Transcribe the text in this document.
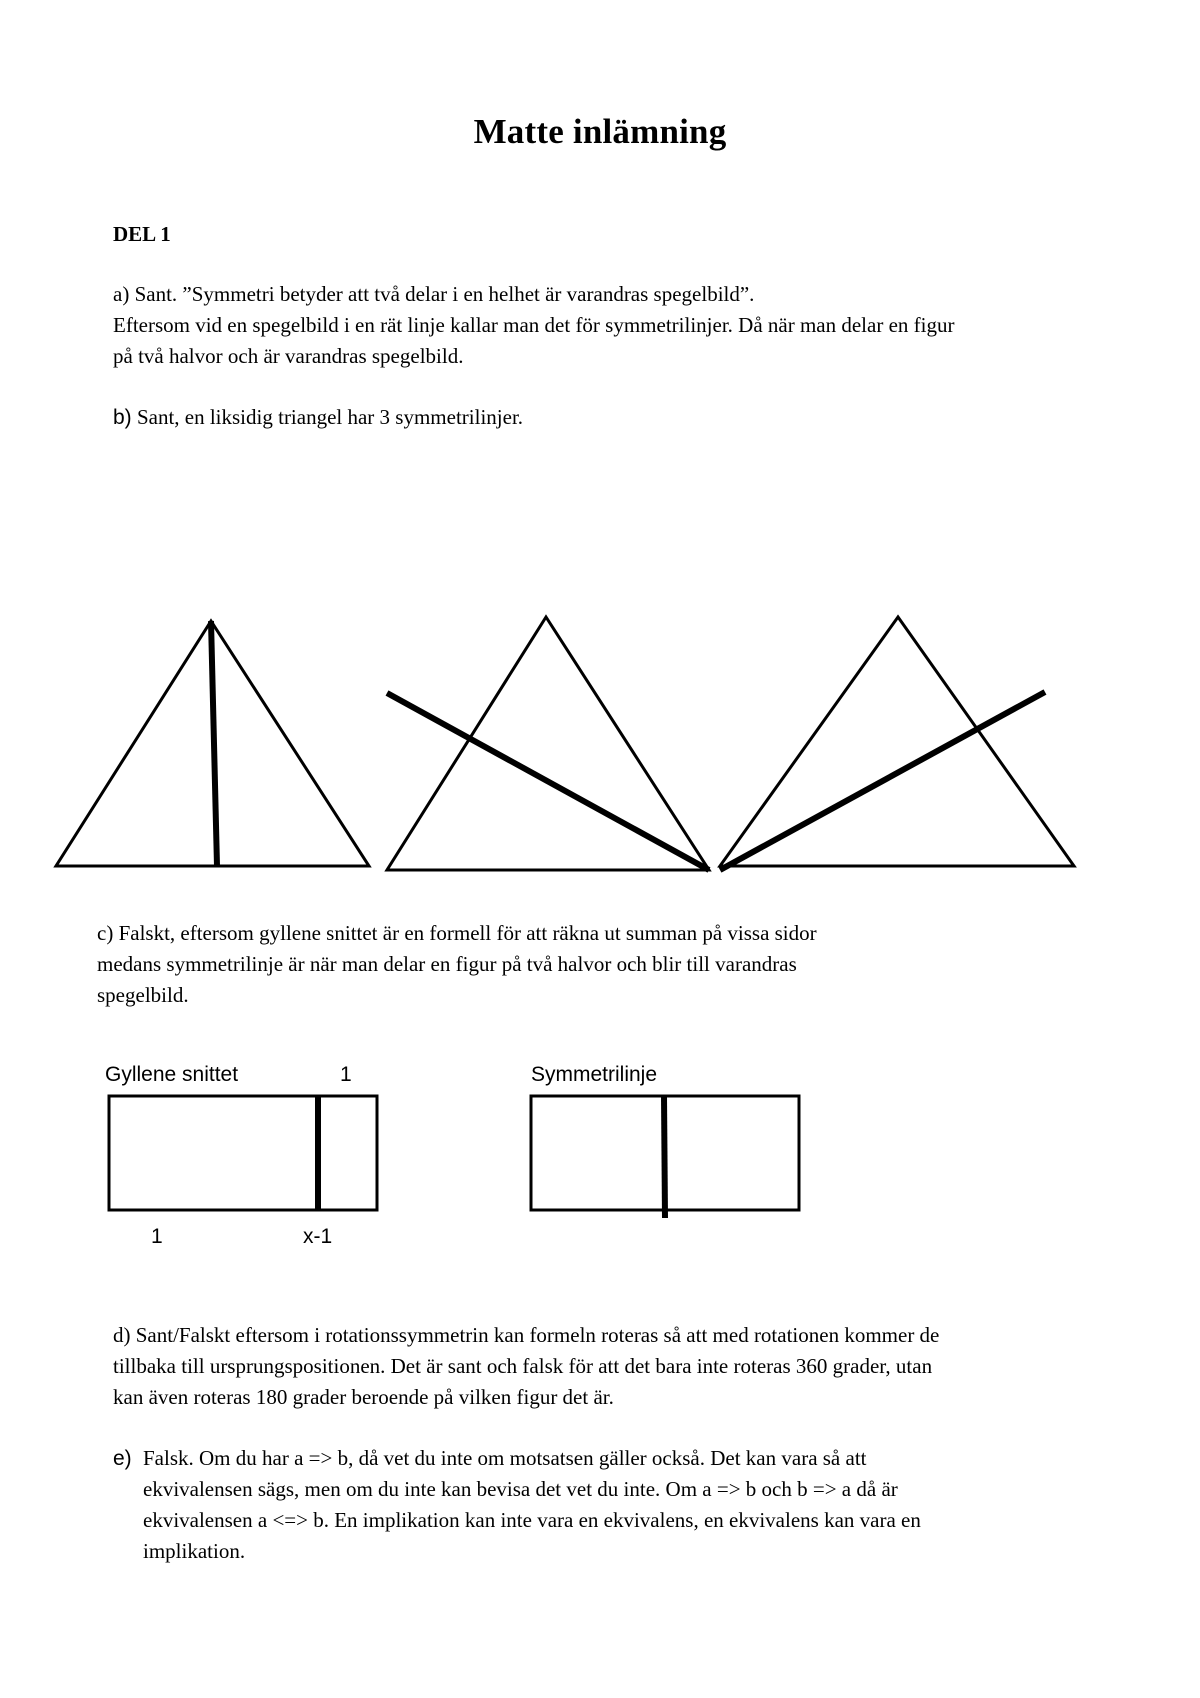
Matte inlämning
DEL 1

a) Sant. ”Symmetri betyder att två delar i en helhet är varandras spegelbild”.
Eftersom vid en spegelbild i en rät linje kallar man det för symmetrilinjer. Då när man delar en figur
på två halvor och är varandras spegelbild.

b) Sant, en liksidig triangel har 3 symmetrilinjer.

c) Falskt, eftersom gyllene snittet är en formell för att räkna ut summan på vissa sidor
medans symmetrilinje är när man delar en figur på två halvor och blir till varandras
spegelbild.

Gyllene snittet	1
1	x-1
Symmetrilinje

d) Sant/Falskt eftersom i rotationssymmetrin kan formeln roteras så att med rotationen kommer de
tillbaka till ursprungspositionen. Det är sant och falsk för att det bara inte roteras 360 grader, utan
kan även roteras 180 grader beroende på vilken figur det är.

e) Falsk. Om du har a => b, då vet du inte om motsatsen gäller också. Det kan vara så att
ekvivalensen sägs, men om du inte kan bevisa det vet du inte. Om a => b och b => a då är
ekvivalensen a <=> b. En implikation kan inte vara en ekvivalens, en ekvivalens kan vara en
implikation.
